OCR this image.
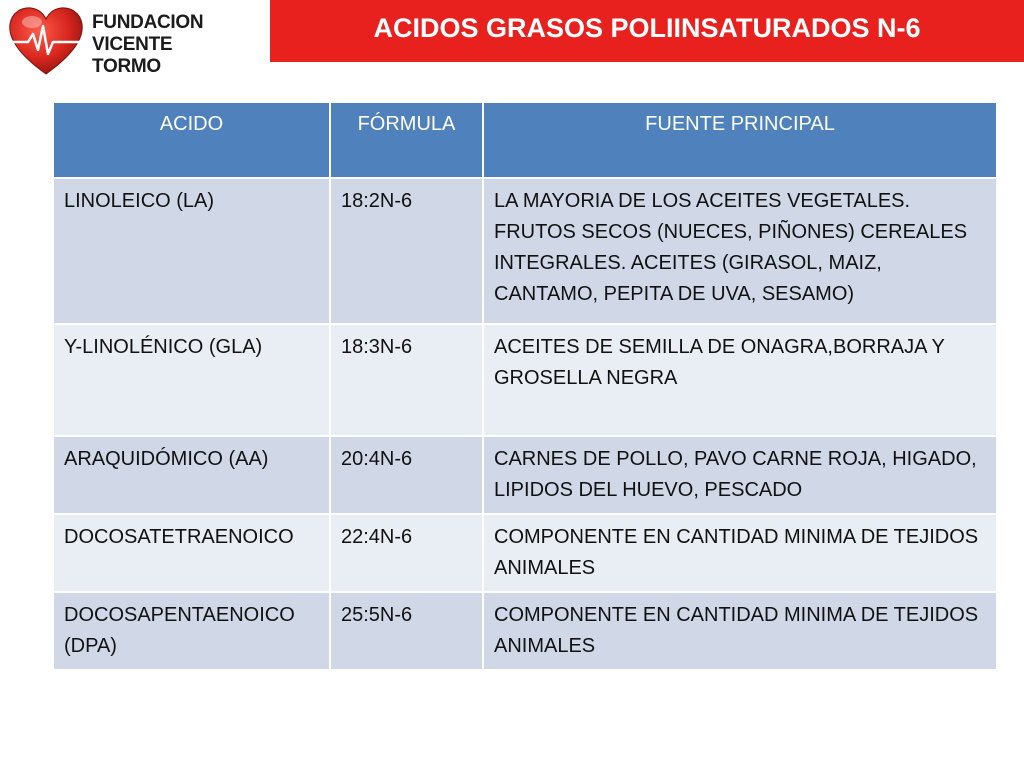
FUNDACION
VICENTE TORMO
ACIDOS GRASOS POLIINSATURADOS N-6
ACIDO	FÓRMULA	FUENTE PRINCIPAL
LINOLEICO (LA)	18:2N-6	LA MAYORIA DE LOS ACEITES VEGETALES. FRUTOS SECOS (NUECES, PIÑONES) CEREALES INTEGRALES. ACEITES (GIRASOL, MAIZ, CANTAMO, PEPITA DE UVA, SESAMO)
Y-LINOLÉNICO (GLA)	18:3N-6	ACEITES DE SEMILLA DE ONAGRA,BORRAJA Y GROSELLA NEGRA
ARAQUIDÓMICO (AA)	20:4N-6	CARNES DE POLLO, PAVO CARNE ROJA, HIGADO, LIPIDOS DEL HUEVO, PESCADO
DOCOSATETRAENOICO	22:4N-6	COMPONENTE EN CANTIDAD MINIMA DE TEJIDOS ANIMALES
DOCOSAPENTAENOICO (DPA)	25:5N-6	COMPONENTE EN CANTIDAD MINIMA DE TEJIDOS ANIMALES
